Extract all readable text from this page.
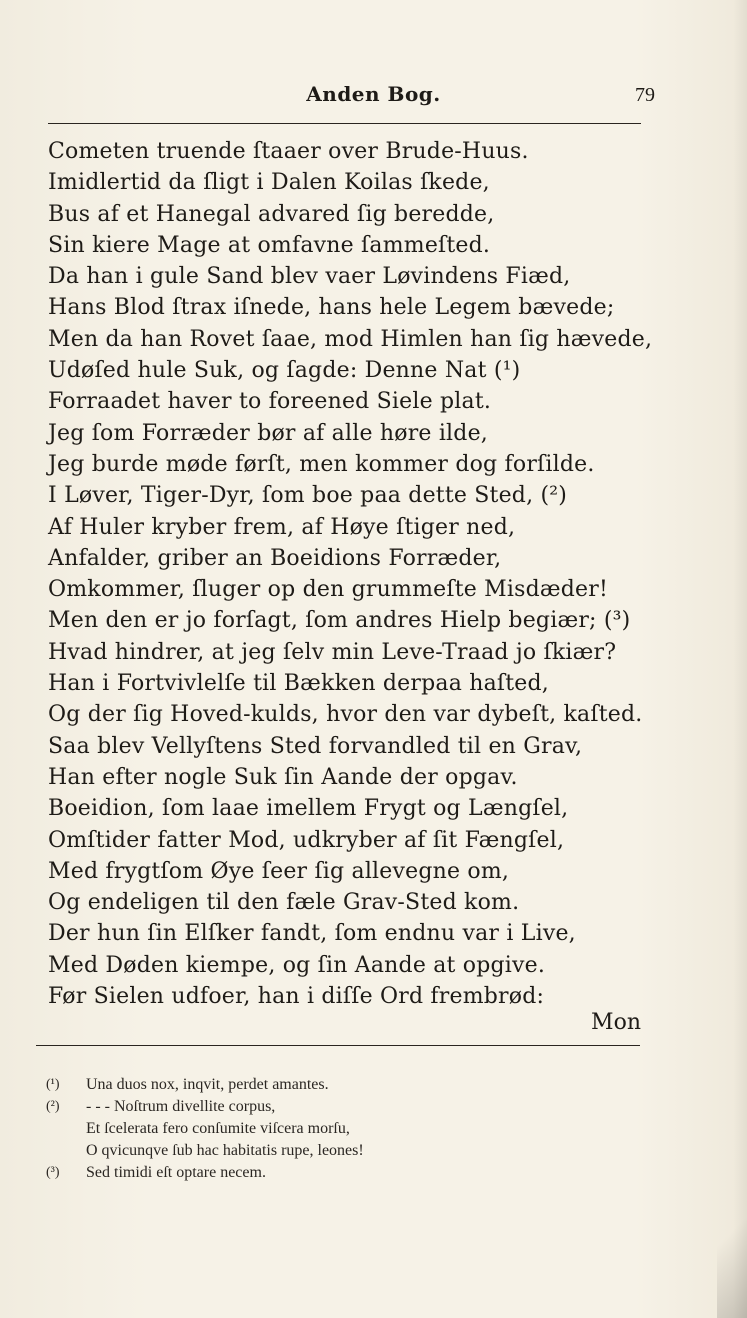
Anden Bog.	79
Cometen truende ſtaaer over Brude-Huus.
Imidlertid da ſligt i Dalen Koilas ſkede,
Bus af et Hanegal advared ſig beredde,
Sin kiere Mage at omfavne ſammeſted.
Da han i gule Sand blev vaer Løvindens Fiæd,
Hans Blod ſtrax iſnede, hans hele Legem bævede;
Men da han Rovet ſaae, mod Himlen han ſig hævede,
Udøſed hule Suk, og ſagde: Denne Nat (¹)
Forraadet haver to foreened Siele plat.
Jeg ſom Forræder bør af alle høre ilde,
Jeg burde møde førſt, men kommer dog forſilde.
I Løver, Tiger-Dyr, ſom boe paa dette Sted, (²)
Af Huler kryber frem, af Høye ſtiger ned,
Anfalder, griber an Boeidions Forræder,
Omkommer, ſluger op den grummeſte Misdæder!
Men den er jo forſagt, ſom andres Hielp begiær; (³)
Hvad hindrer, at jeg ſelv min Leve-Traad jo ſkiær?
Han i Fortvivlelſe til Bækken derpaa haſted,
Og der ſig Hoved-kulds, hvor den var dybeſt, kaſted.
Saa blev Vellyſtens Sted forvandled til en Grav,
Han efter nogle Suk ſin Aande der opgav.
Boeidion, ſom laae imellem Frygt og Længſel,
Omſtider fatter Mod, udkryber af ſit Fængſel,
Med frygtſom Øye ſeer ſig allevegne om,
Og endeligen til den fæle Grav-Sted kom.
Der hun ſin Elſker fandt, ſom endnu var i Live,
Med Døden kiempe, og ſin Aande at opgive.
Før Sielen udfoer, han i diſſe Ord frembrød:
Mon
(¹)	Una duos nox, inqvit, perdet amantes.
(²)	- - - Noſtrum divellite corpus,
Et ſcelerata fero conſumite viſcera morſu,
O qvicunqve ſub hac habitatis rupe, leones!
(³)	Sed timidi eſt optare necem.
